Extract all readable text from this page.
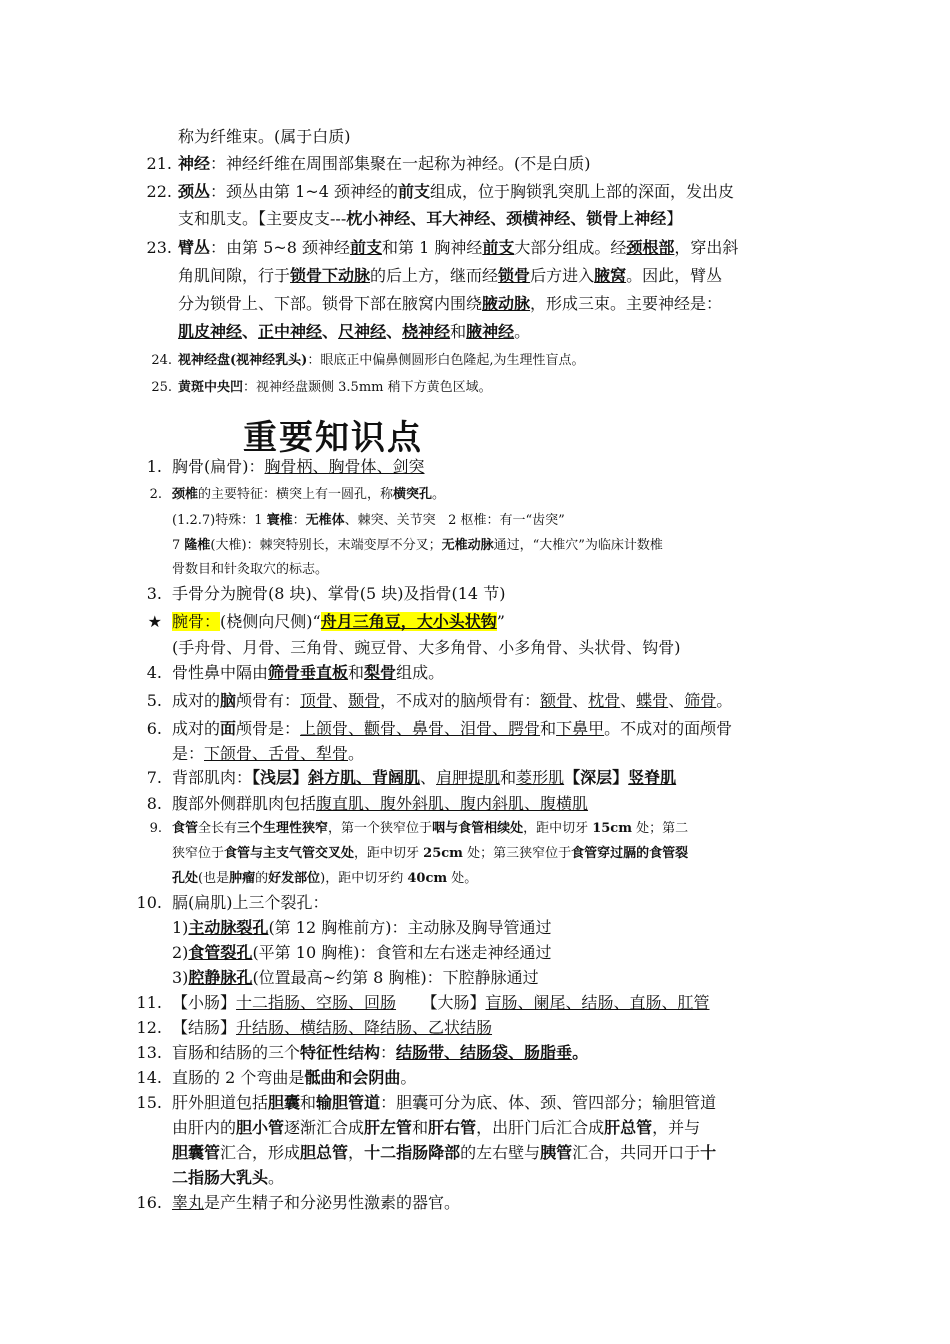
称为纤维束。(属于白质)
21. 神经：神经纤维在周围部集聚在一起称为神经。(不是白质)
22. 颈丛：颈丛由第 1~4 颈神经的前支组成，位于胸锁乳突肌上部的深面，发出皮
支和肌支。【主要皮支---枕小神经、耳大神经、颈横神经、锁骨上神经】
23. 臂丛：由第 5~8 颈神经前支和第 1 胸神经前支大部分组成。经颈根部，穿出斜
角肌间隙，行于锁骨下动脉的后上方，继而经锁骨后方进入腋窝。因此，臂丛
分为锁骨上、下部。锁骨下部在腋窝内围绕腋动脉，形成三束。主要神经是：
肌皮神经、正中神经、尺神经、桡神经和腋神经。
24. 视神经盘(视神经乳头)：眼底正中偏鼻侧圆形白色隆起,为生理性盲点。
25. 黄斑中央凹：视神经盘颞侧 3.5mm 稍下方黄色区域。
重要知识点
1. 胸骨(扁骨)：胸骨柄、胸骨体、剑突
2. 颈椎的主要特征：横突上有一圆孔，称横突孔。
(1.2.7)特殊：1 寰椎：无椎体、棘突、关节突   2 枢椎：有一“齿突”
7 隆椎(大椎)：棘突特别长，末端变厚不分叉；无椎动脉通过，“大椎穴”为临床计数椎
骨数目和针灸取穴的标志。
3. 手骨分为腕骨(8 块)、掌骨(5 块)及指骨(14 节)
★ 腕骨：(桡侧向尺侧)“舟月三角豆，大小头状钩”
(手舟骨、月骨、三角骨、豌豆骨、大多角骨、小多角骨、头状骨、钩骨)
4. 骨性鼻中隔由筛骨垂直板和梨骨组成。
5. 成对的脑颅骨有：顶骨、颞骨，不成对的脑颅骨有：额骨、枕骨、蝶骨、筛骨。
6. 成对的面颅骨是：上颌骨、颧骨、鼻骨、泪骨、腭骨和下鼻甲。不成对的面颅骨
是：下颌骨、舌骨、犁骨。
7. 背部肌肉：【浅层】斜方肌、背阔肌、肩胛提肌和菱形肌【深层】竖脊肌
8. 腹部外侧群肌肉包括腹直肌、腹外斜肌、腹内斜肌、腹横肌
9. 食管全长有三个生理性狭窄，第一个狭窄位于咽与食管相续处，距中切牙 15cm 处；第二
狭窄位于食管与主支气管交叉处，距中切牙 25cm 处；第三狭窄位于食管穿过膈的食管裂
孔处(也是肿瘤的好发部位)，距中切牙约 40cm 处。
10. 膈(扁肌)上三个裂孔：
1)主动脉裂孔(第 12 胸椎前方)：主动脉及胸导管通过
2)食管裂孔(平第 10 胸椎)：食管和左右迷走神经通过
3)腔静脉孔(位置最高~约第 8 胸椎)：下腔静脉通过
11. 【小肠】十二指肠、空肠、回肠     【大肠】盲肠、阑尾、结肠、直肠、肛管
12. 【结肠】升结肠、横结肠、降结肠、乙状结肠
13. 盲肠和结肠的三个特征性结构：结肠带、结肠袋、肠脂垂。
14. 直肠的 2 个弯曲是骶曲和会阴曲。
15. 肝外胆道包括胆囊和输胆管道：胆囊可分为底、体、颈、管四部分；输胆管道
由肝内的胆小管逐渐汇合成肝左管和肝右管，出肝门后汇合成肝总管，并与
胆囊管汇合，形成胆总管，十二指肠降部的左右壁与胰管汇合，共同开口于十
二指肠大乳头。
16. 睾丸是产生精子和分泌男性激素的器官。
